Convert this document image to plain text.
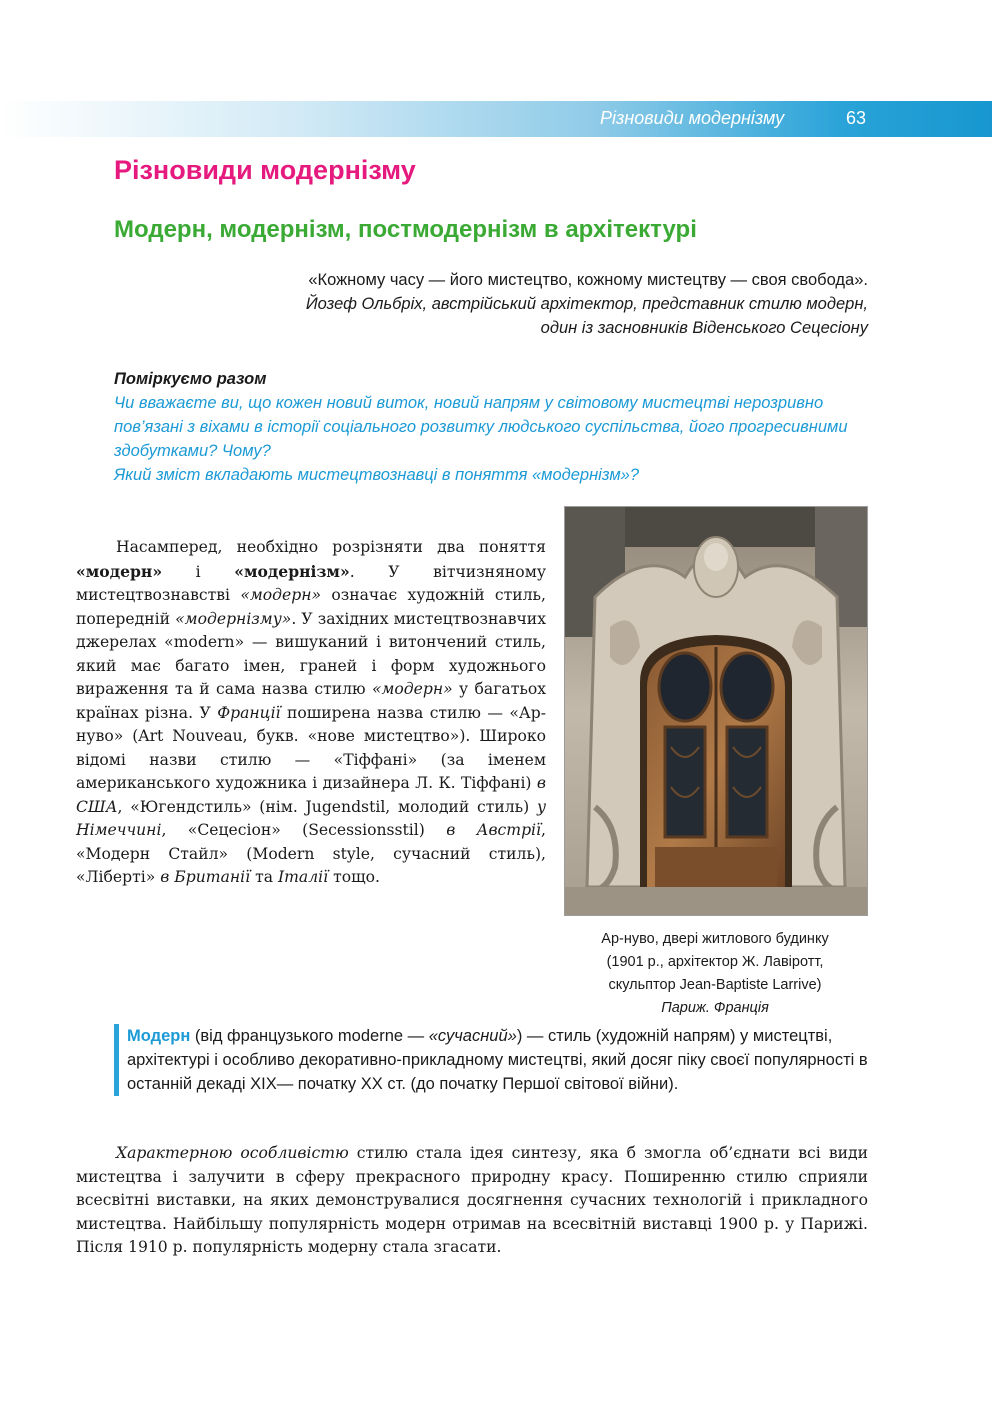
Різновиди модернізму	63
Різновиди модернізму
Модерн, модернізм, постмодернізм в архітектурі
«Кожному часу — його мистецтво, кожному мистецтву — своя свобода».
Йозеф Ольбріх, австрійський архітектор, представник стилю модерн,
один із засновників Віденського Сецесіону
Поміркуємо разом
Чи вважаєте ви, що кожен новий виток, новий напрям у світовому мистецтві нерозривно пов’язані з віхами в історії соціального розвитку людського суспільства, його прогресивними здобутками? Чому?
Який зміст вкладають мистецтвознавці в поняття «модернізм»?

Насамперед, необхідно розрізняти два поняття «модерн» і «модернізм». У вітчизняному мистецтвознавстві «модерн» означає художній стиль, попередній «модернізму». У західних мистецтвознавчих джерелах «modern» — вишуканий і витончений стиль, який має багато імен, граней і форм художнього вираження та й сама назва стилю «модерн» у багатьох країнах різна. У Франції поширена назва стилю — «Ар-нуво» (Art Nouveau, букв. «нове мистецтво»). Широко відомі назви стилю — «Тіффані» (за іменем американського художника і дизайнера Л. К. Тіффані) в США, «Югендстиль» (нім. Jugendstil, молодий стиль) у Німеччині, «Сецесіон» (Secessionsstil) в Австрії, «Модерн Стайл» (Modern style, сучасний стиль), «Ліберті» в Британії та Італії тощо.

Ар-нуво, двері житлового будинку
(1901 р., архітектор Ж. Лавіротт,
скульптор Jean-Baptiste Larrive)
Париж. Франція
Модерн (від французького moderne — «сучасний») — стиль (художній напрям) у мистецтві, архітектурі і особливо декоративно-прикладному мистецтві, який досяг піку своєї популярності в останній декаді XIX— початку XX ст. (до початку Першої світової війни).

Характерною особливістю стилю стала ідея синтезу, яка б змогла об’єднати всі види мистецтва і залучити в сферу прекрасного природну красу. Поширенню стилю сприяли всесвітні виставки, на яких демонструвалися досягнення сучасних технологій і прикладного мистецтва. Найбільшу популярність модерн отримав на всесвітній виставці 1900 р. у Парижі. Після 1910 р. популярність модерну стала згасати.
